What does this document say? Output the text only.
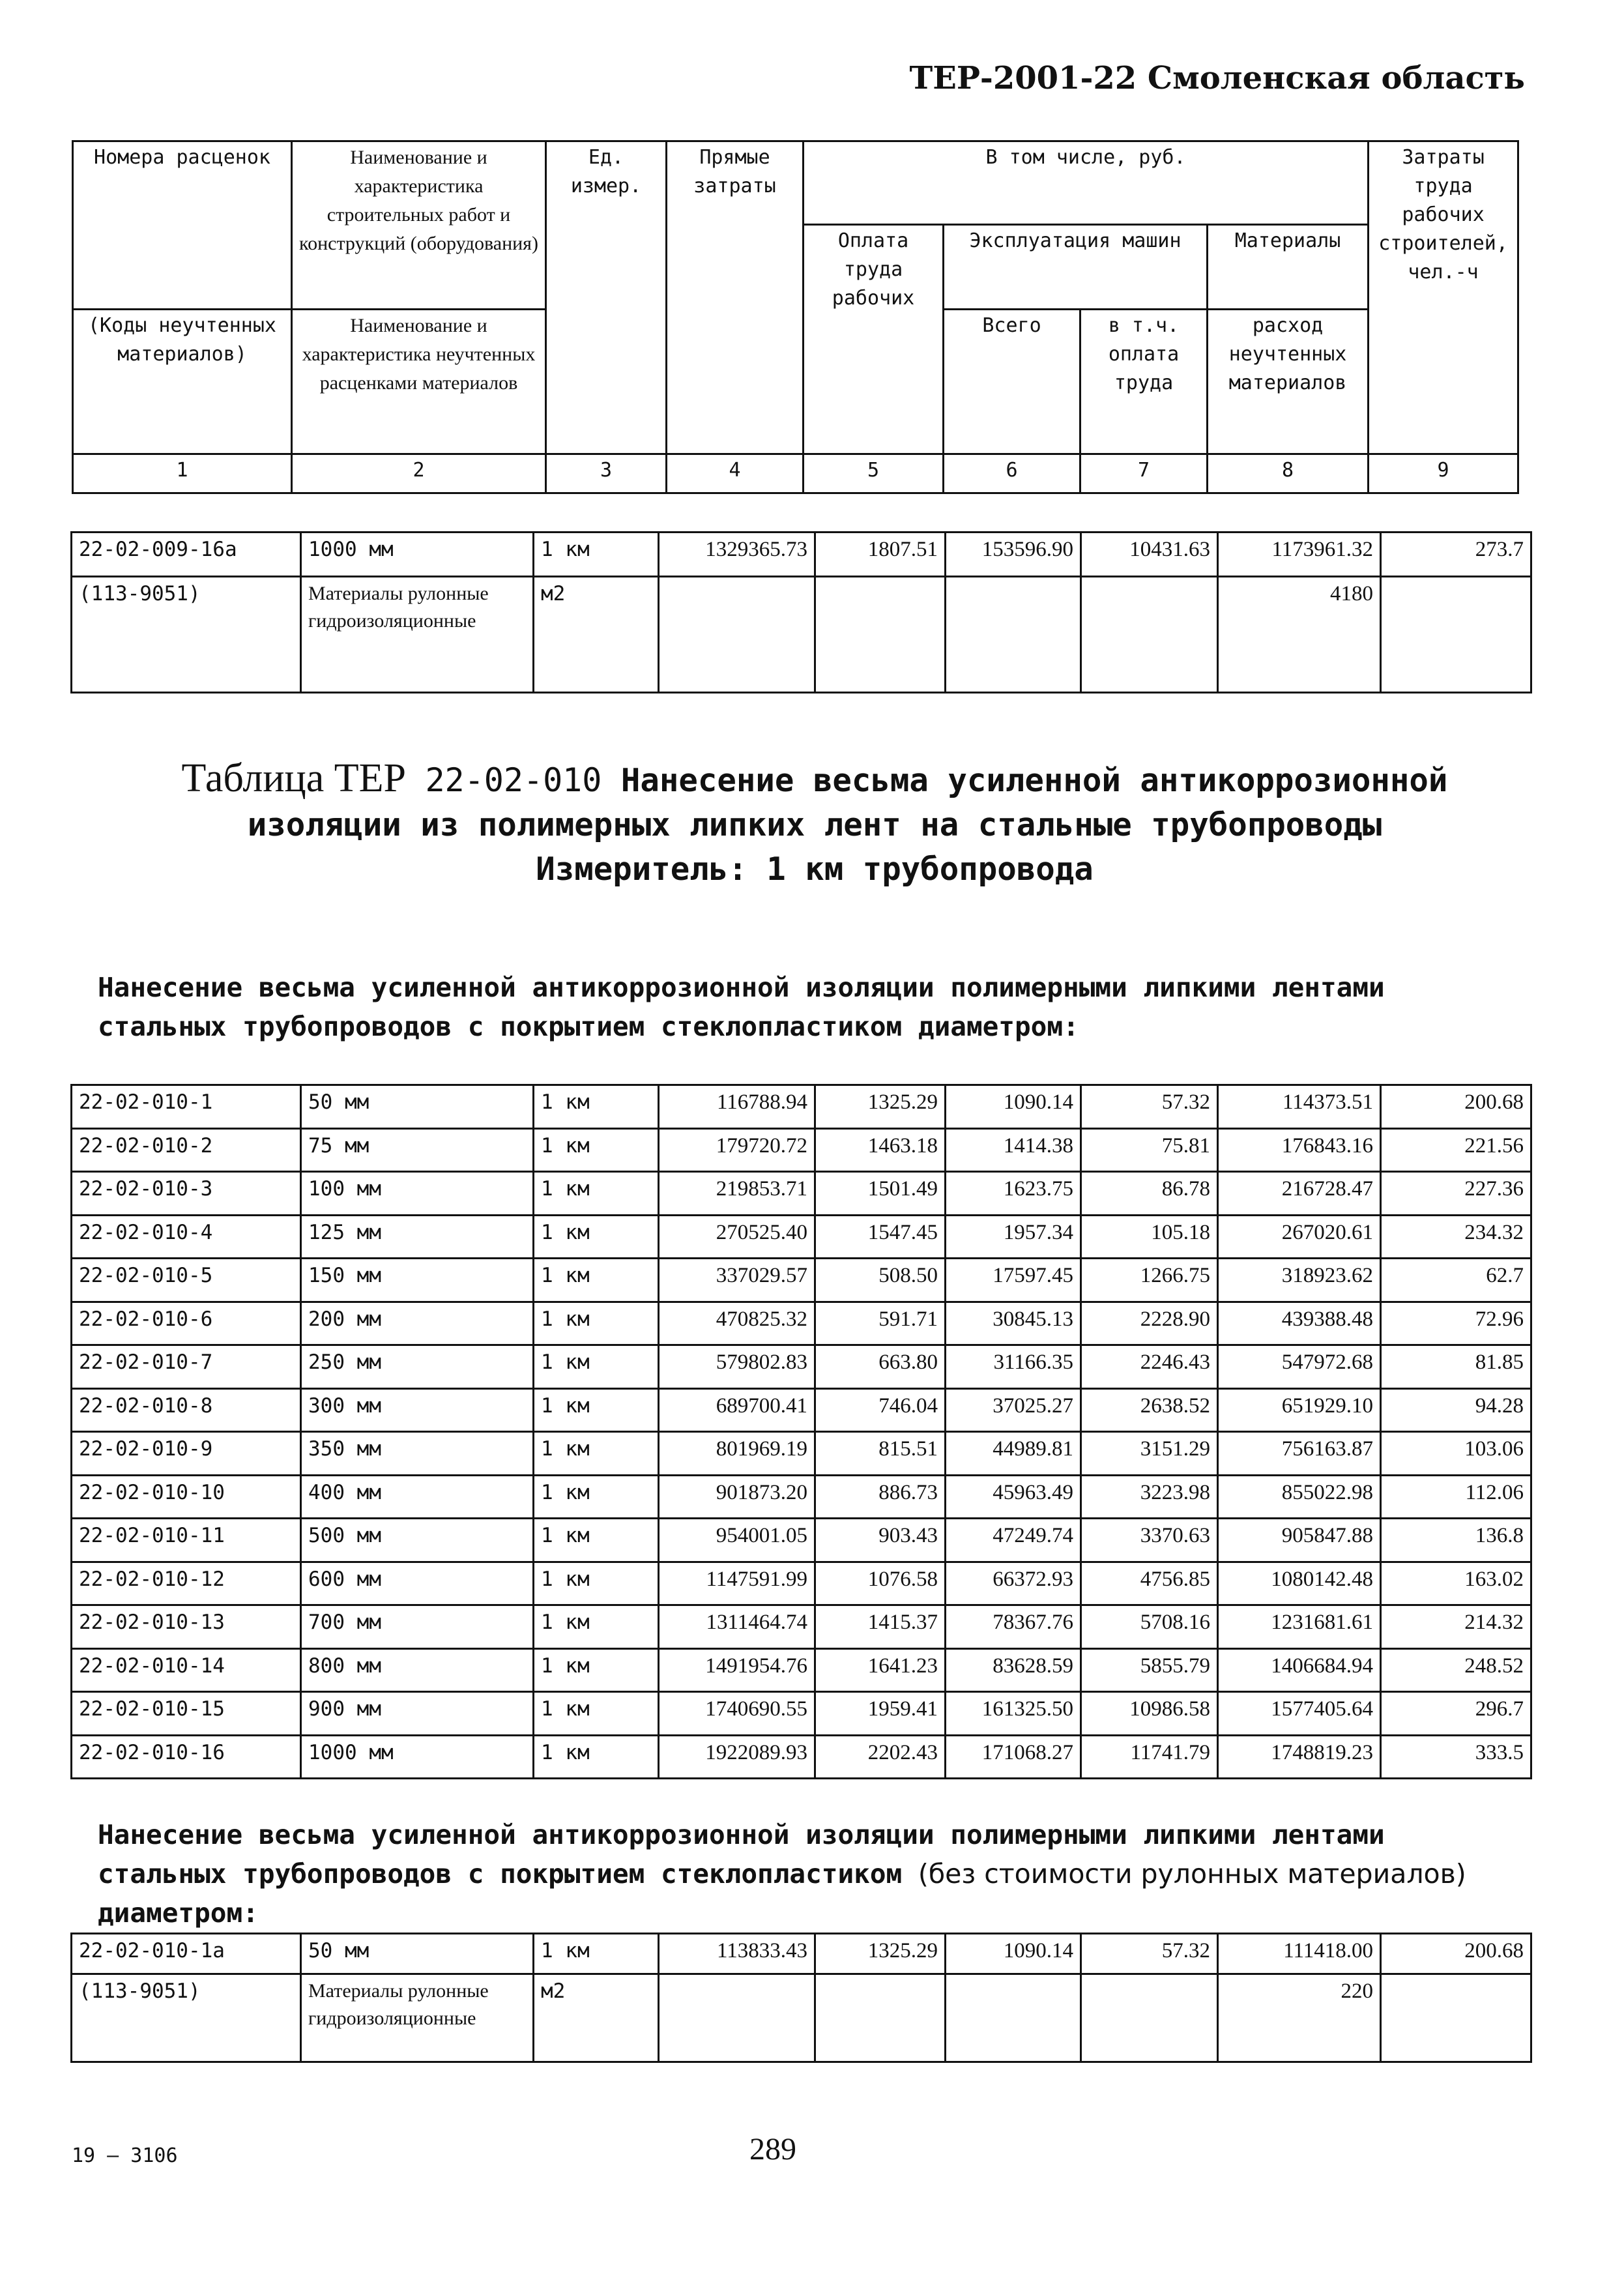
ТЕР-2001-22 Смоленская область
Номера расценок	Наименование и характеристика строительных работ и конструкций (оборудования)	Ед. измер.	Прямые затраты	В том числе, руб.				Затраты труда рабочих строителей, чел.-ч
				Оплата труда рабочих	Эксплуатация машин		Материалы	
(Коды неучтенных материалов)	Наименование и характеристика неучтенных расценками материалов				Всего	в т.ч. оплата труда	расход неучтенных материалов	
1	2	3	4	5	6	7	8	9
22-02-009-16а	1000 мм	1 км	1329365.73	1807.51	153596.90	10431.63	1173961.32	273.7
(113-9051)	Материалы рулонные гидроизоляционные	м2					4180	
Таблица ТЕР 22-02-010 Нанесение весьма усиленной антикоррозионной изоляции из полимерных липких лент на стальные трубопроводы
Измеритель: 1 км трубопровода
Нанесение весьма усиленной антикоррозионной изоляции полимерными липкими лентами стальных трубопроводов с покрытием стеклопластиком диаметром:
22-02-010-1	50 мм	1 км	116788.94	1325.29	1090.14	57.32	114373.51	200.68
22-02-010-2	75 мм	1 км	179720.72	1463.18	1414.38	75.81	176843.16	221.56
22-02-010-3	100 мм	1 км	219853.71	1501.49	1623.75	86.78	216728.47	227.36
22-02-010-4	125 мм	1 км	270525.40	1547.45	1957.34	105.18	267020.61	234.32
22-02-010-5	150 мм	1 км	337029.57	508.50	17597.45	1266.75	318923.62	62.7
22-02-010-6	200 мм	1 км	470825.32	591.71	30845.13	2228.90	439388.48	72.96
22-02-010-7	250 мм	1 км	579802.83	663.80	31166.35	2246.43	547972.68	81.85
22-02-010-8	300 мм	1 км	689700.41	746.04	37025.27	2638.52	651929.10	94.28
22-02-010-9	350 мм	1 км	801969.19	815.51	44989.81	3151.29	756163.87	103.06
22-02-010-10	400 мм	1 км	901873.20	886.73	45963.49	3223.98	855022.98	112.06
22-02-010-11	500 мм	1 км	954001.05	903.43	47249.74	3370.63	905847.88	136.8
22-02-010-12	600 мм	1 км	1147591.99	1076.58	66372.93	4756.85	1080142.48	163.02
22-02-010-13	700 мм	1 км	1311464.74	1415.37	78367.76	5708.16	1231681.61	214.32
22-02-010-14	800 мм	1 км	1491954.76	1641.23	83628.59	5855.79	1406684.94	248.52
22-02-010-15	900 мм	1 км	1740690.55	1959.41	161325.50	10986.58	1577405.64	296.7
22-02-010-16	1000 мм	1 км	1922089.93	2202.43	171068.27	11741.79	1748819.23	333.5
Нанесение весьма усиленной антикоррозионной изоляции полимерными липкими лентами стальных трубопроводов с покрытием стеклопластиком (без стоимости рулонных материалов) диаметром:
22-02-010-1а	50 мм	1 км	113833.43	1325.29	1090.14	57.32	111418.00	200.68
(113-9051)	Материалы рулонные гидроизоляционные	м2					220	
19 – 3106	289
